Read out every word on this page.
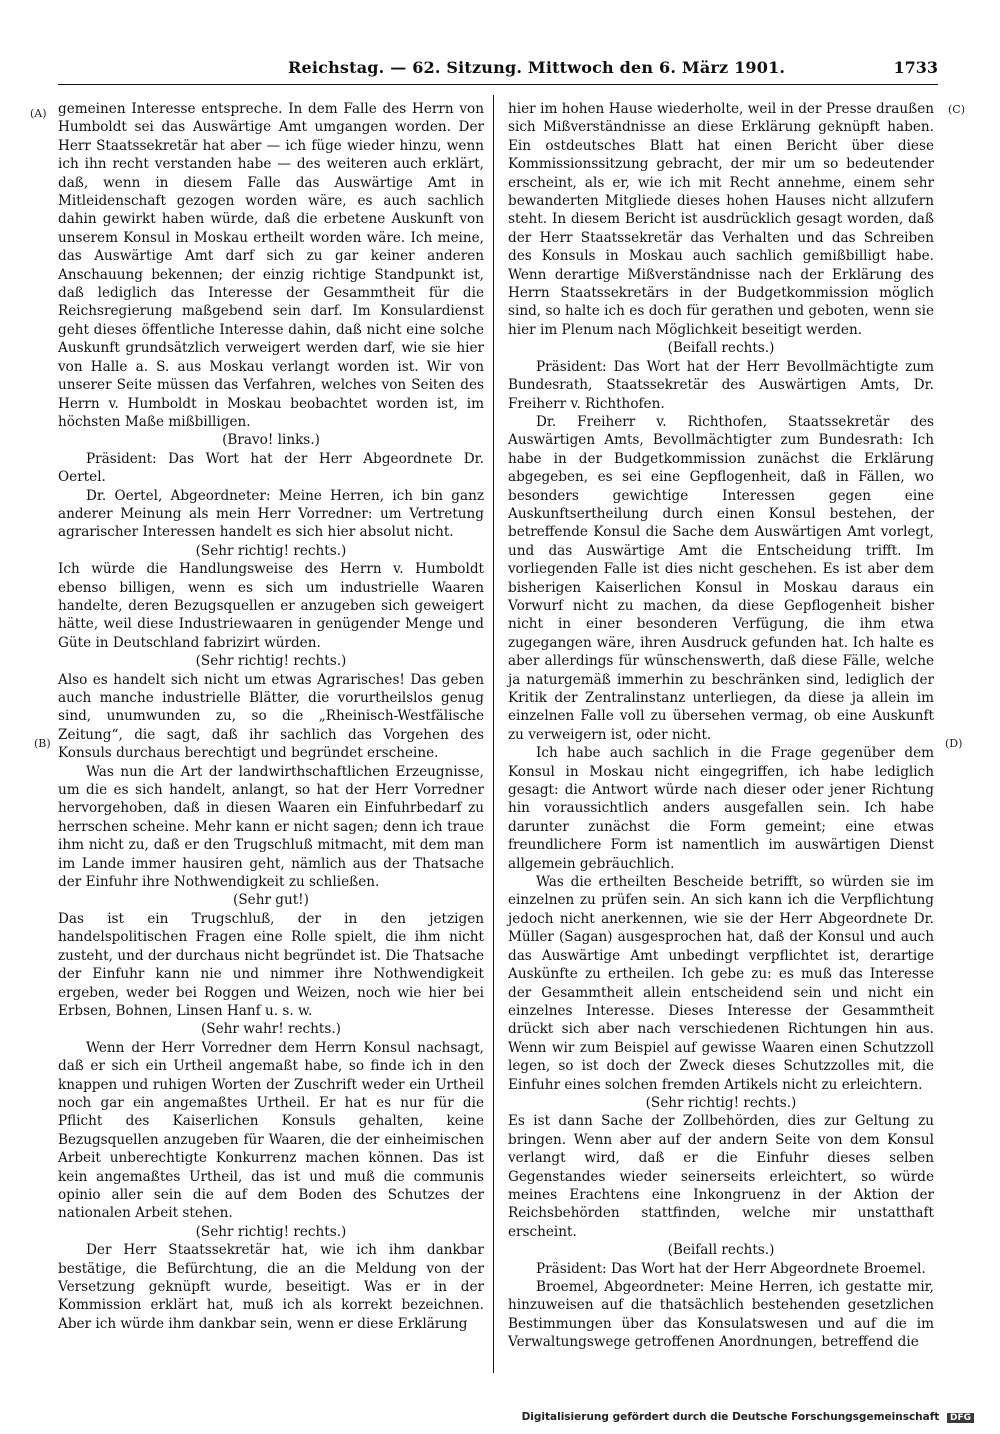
Reichstag. — 62. Sitzung. Mittwoch den 6. März 1901.	1733
(A)
(B)
(C)
(D)

gemeinen Interesse entspreche. In dem Falle des Herrn von Humboldt sei das Auswärtige Amt umgangen worden. Der Herr Staatssekretär hat aber — ich füge wieder hinzu, wenn ich ihn recht verstanden habe — des weiteren auch erklärt, daß, wenn in diesem Falle das Auswärtige Amt in Mitleidenschaft gezogen worden wäre, es auch sachlich dahin gewirkt haben würde, daß die erbetene Auskunft von unserem Konsul in Moskau ertheilt worden wäre. Ich meine, das Auswärtige Amt darf sich zu gar keiner anderen Anschauung bekennen; der einzig richtige Standpunkt ist, daß lediglich das Interesse der Gesammtheit für die Reichsregierung maßgebend sein darf. Im Konsulardienst geht dieses öffentliche Interesse dahin, daß nicht eine solche Auskunft grundsätzlich verweigert werden darf, wie sie hier von Halle a. S. aus Moskau verlangt worden ist. Wir von unserer Seite müssen das Verfahren, welches von Seiten des Herrn v. Humboldt in Moskau beobachtet worden ist, im höchsten Maße mißbilligen.

(Bravo! links.)

Präsident: Das Wort hat der Herr Abgeordnete Dr. Oertel.

Dr. Oertel, Abgeordneter: Meine Herren, ich bin ganz anderer Meinung als mein Herr Vorredner: um Vertretung agrarischer Interessen handelt es sich hier absolut nicht.

(Sehr richtig! rechts.)

Ich würde die Handlungsweise des Herrn v. Humboldt ebenso billigen, wenn es sich um industrielle Waaren handelte, deren Bezugsquellen er anzugeben sich geweigert hätte, weil diese Industriewaaren in genügender Menge und Güte in Deutschland fabrizirt würden.

(Sehr richtig! rechts.)

Also es handelt sich nicht um etwas Agrarisches! Das geben auch manche industrielle Blätter, die vorurtheilslos genug sind, unumwunden zu, so die „Rheinisch-Westfälische Zeitung“, die sagt, daß ihr sachlich das Vorgehen des Konsuls durchaus berechtigt und begründet erscheine.

Was nun die Art der landwirthschaftlichen Erzeugnisse, um die es sich handelt, anlangt, so hat der Herr Vorredner hervorgehoben, daß in diesen Waaren ein Einfuhrbedarf zu herrschen scheine. Mehr kann er nicht sagen; denn ich traue ihm nicht zu, daß er den Trugschluß mitmacht, mit dem man im Lande immer hausiren geht, nämlich aus der Thatsache der Einfuhr ihre Nothwendigkeit zu schließen.

(Sehr gut!)

Das ist ein Trugschluß, der in den jetzigen handelspolitischen Fragen eine Rolle spielt, die ihm nicht zusteht, und der durchaus nicht begründet ist. Die Thatsache der Einfuhr kann nie und nimmer ihre Nothwendigkeit ergeben, weder bei Roggen und Weizen, noch wie hier bei Erbsen, Bohnen, Linsen Hanf u. s. w.

(Sehr wahr! rechts.)

Wenn der Herr Vorredner dem Herrn Konsul nachsagt, daß er sich ein Urtheil angemaßt habe, so finde ich in den knappen und ruhigen Worten der Zuschrift weder ein Urtheil noch gar ein angemaßtes Urtheil. Er hat es nur für die Pflicht des Kaiserlichen Konsuls gehalten, keine Bezugsquellen anzugeben für Waaren, die der einheimischen Arbeit unberechtigte Konkurrenz machen können. Das ist kein angemaßtes Urtheil, das ist und muß die communis opinio aller sein die auf dem Boden des Schutzes der nationalen Arbeit stehen.

(Sehr richtig! rechts.)

Der Herr Staatssekretär hat, wie ich ihm dankbar bestätige, die Befürchtung, die an die Meldung von der Versetzung geknüpft wurde, beseitigt. Was er in der Kommission erklärt hat, muß ich als korrekt bezeichnen. Aber ich würde ihm dankbar sein, wenn er diese Erklärung

hier im hohen Hause wiederholte, weil in der Presse draußen sich Mißverständnisse an diese Erklärung geknüpft haben. Ein ostdeutsches Blatt hat einen Bericht über diese Kommissionssitzung gebracht, der mir um so bedeutender erscheint, als er, wie ich mit Recht annehme, einem sehr bewanderten Mitgliede dieses hohen Hauses nicht allzufern steht. In diesem Bericht ist ausdrücklich gesagt worden, daß der Herr Staatssekretär das Verhalten und das Schreiben des Konsuls in Moskau auch sachlich gemißbilligt habe. Wenn derartige Mißverständnisse nach der Erklärung des Herrn Staatssekretärs in der Budgetkommission möglich sind, so halte ich es doch für gerathen und geboten, wenn sie hier im Plenum nach Möglichkeit beseitigt werden.

(Beifall rechts.)

Präsident: Das Wort hat der Herr Bevollmächtigte zum Bundesrath, Staatssekretär des Auswärtigen Amts, Dr. Freiherr v. Richthofen.

Dr. Freiherr v. Richthofen, Staatssekretär des Auswärtigen Amts, Bevollmächtigter zum Bundesrath: Ich habe in der Budgetkommission zunächst die Erklärung abgegeben, es sei eine Gepflogenheit, daß in Fällen, wo besonders gewichtige Interessen gegen eine Auskunftsertheilung durch einen Konsul bestehen, der betreffende Konsul die Sache dem Auswärtigen Amt vorlegt, und das Auswärtige Amt die Entscheidung trifft. Im vorliegenden Falle ist dies nicht geschehen. Es ist aber dem bisherigen Kaiserlichen Konsul in Moskau daraus ein Vorwurf nicht zu machen, da diese Gepflogenheit bisher nicht in einer besonderen Verfügung, die ihm etwa zugegangen wäre, ihren Ausdruck gefunden hat. Ich halte es aber allerdings für wünschenswerth, daß diese Fälle, welche ja naturgemäß immerhin zu beschränken sind, lediglich der Kritik der Zentralinstanz unterliegen, da diese ja allein im einzelnen Falle voll zu übersehen vermag, ob eine Auskunft zu verweigern ist, oder nicht.

Ich habe auch sachlich in die Frage gegenüber dem Konsul in Moskau nicht eingegriffen, ich habe lediglich gesagt: die Antwort würde nach dieser oder jener Richtung hin voraussichtlich anders ausgefallen sein. Ich habe darunter zunächst die Form gemeint; eine etwas freundlichere Form ist namentlich im auswärtigen Dienst allgemein gebräuchlich.

Was die ertheilten Bescheide betrifft, so würden sie im einzelnen zu prüfen sein. An sich kann ich die Verpflichtung jedoch nicht anerkennen, wie sie der Herr Abgeordnete Dr. Müller (Sagan) ausgesprochen hat, daß der Konsul und auch das Auswärtige Amt unbedingt verpflichtet ist, derartige Auskünfte zu ertheilen. Ich gebe zu: es muß das Interesse der Gesammtheit allein entscheidend sein und nicht ein einzelnes Interesse. Dieses Interesse der Gesammtheit drückt sich aber nach verschiedenen Richtungen hin aus. Wenn wir zum Beispiel auf gewisse Waaren einen Schutzzoll legen, so ist doch der Zweck dieses Schutzzolles mit, die Einfuhr eines solchen fremden Artikels nicht zu erleichtern.

(Sehr richtig! rechts.)

Es ist dann Sache der Zollbehörden, dies zur Geltung zu bringen. Wenn aber auf der andern Seite von dem Konsul verlangt wird, daß er die Einfuhr dieses selben Gegenstandes wieder seinerseits erleichtert, so würde meines Erachtens eine Inkongruenz in der Aktion der Reichsbehörden stattfinden, welche mir unstatthaft erscheint.

(Beifall rechts.)

Präsident: Das Wort hat der Herr Abgeordnete Broemel.

Broemel, Abgeordneter: Meine Herren, ich gestatte mir, hinzuweisen auf die thatsächlich bestehenden gesetzlichen Bestimmungen über das Konsulatswesen und auf die im Verwaltungswege getroffenen Anordnungen, betreffend die

Digitalisierung gefördert durch die Deutsche Forschungsgemeinschaft DFG
